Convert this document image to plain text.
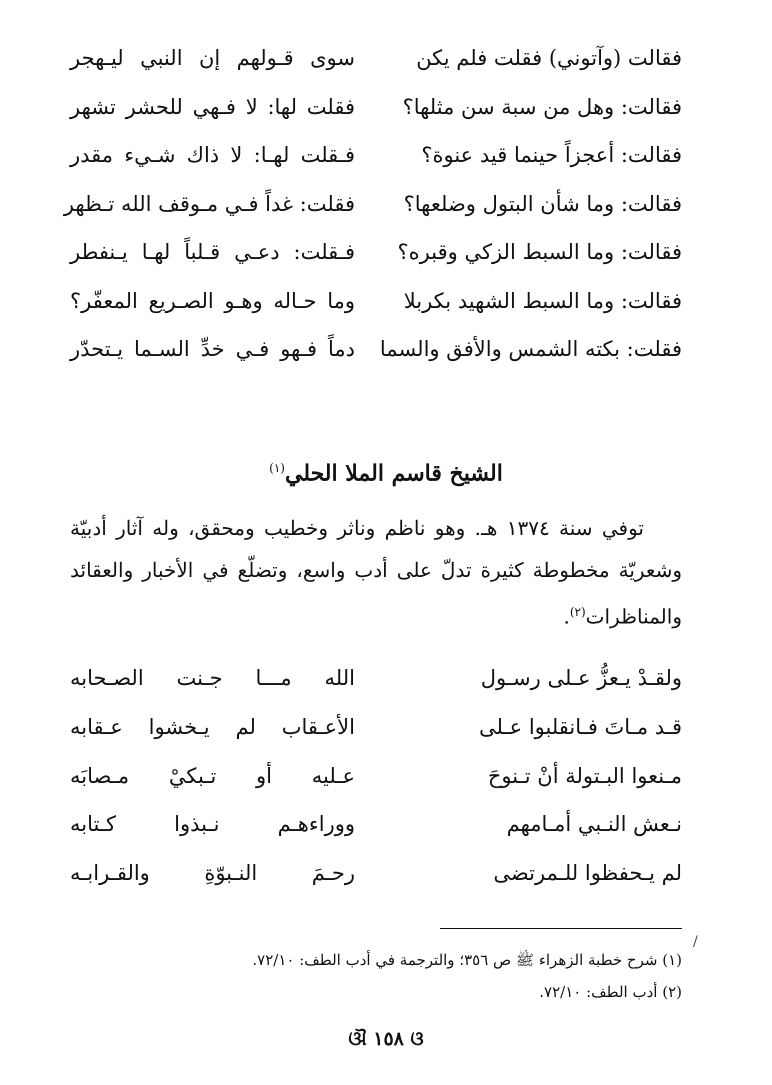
فقالت (وآتوني) فقلت فلم يكن
سوى قـولهم إن النبي ليـهجر
فقالت: وهل من سبة سن مثلها؟
فقلت لها: لا فـهي للحشر تشهر
فقالت: أعجزاً حينما قيد عنوة؟
فـقلت لهـا: لا ذاك شـيء مقدر
فقالت: وما شأن البتول وضلعها؟
فقلت: غداً فـي مـوقف الله تـظهر
فقالت: وما السبط الزكي وقبره؟
فـقلت: دعـي قـلباً لهـا يـنفطر
فقالت: وما السبط الشهيد بكربلا
وما حـاله وهـو الصـريع المعفّر؟
فقلت: بكته الشمس والأفق والسما
دماً فـهو فـي خدِّ السـما يـتحدّر
الشيخ قاسم الملا الحلي$^{(١)}$
توفي سنة ١٣٧٤ هـ. وهو ناظم وناثر وخطيب ومحقق، وله آثار أدبيّة وشعريّة مخطوطة كثيرة تدلّ على أدب واسع، وتضلّع في الأخبار والعقائد والمناظرات$^{(٢)}$.
ولقـدْ يـعزُّ عـلى رسـول
الله مـــا جـنت الصـحابه
قـد مـاتَ فـانقلبوا عـلى
الأعـقاب لم يـخشوا عـقابه
مـنعوا البـتولة أنْ تـنوحَ
عـليه أو تـبكيْ مـصابَه
نـعش النـبي أمـامهم
ووراءهـم نـبذوا كـتابه
لم يـحفظوا للـمرتضى
رحـمَ النـبوّةِ والقـرابـه
/
(١) شرح خطبة الزهراء ﷺ ص ٣٥٦؛ والترجمة في أدب الطف: ٧٢/١٠.
(٢) أدب الطف: ٧٢/١٠.
ଓ ١٥٨ ଔ
